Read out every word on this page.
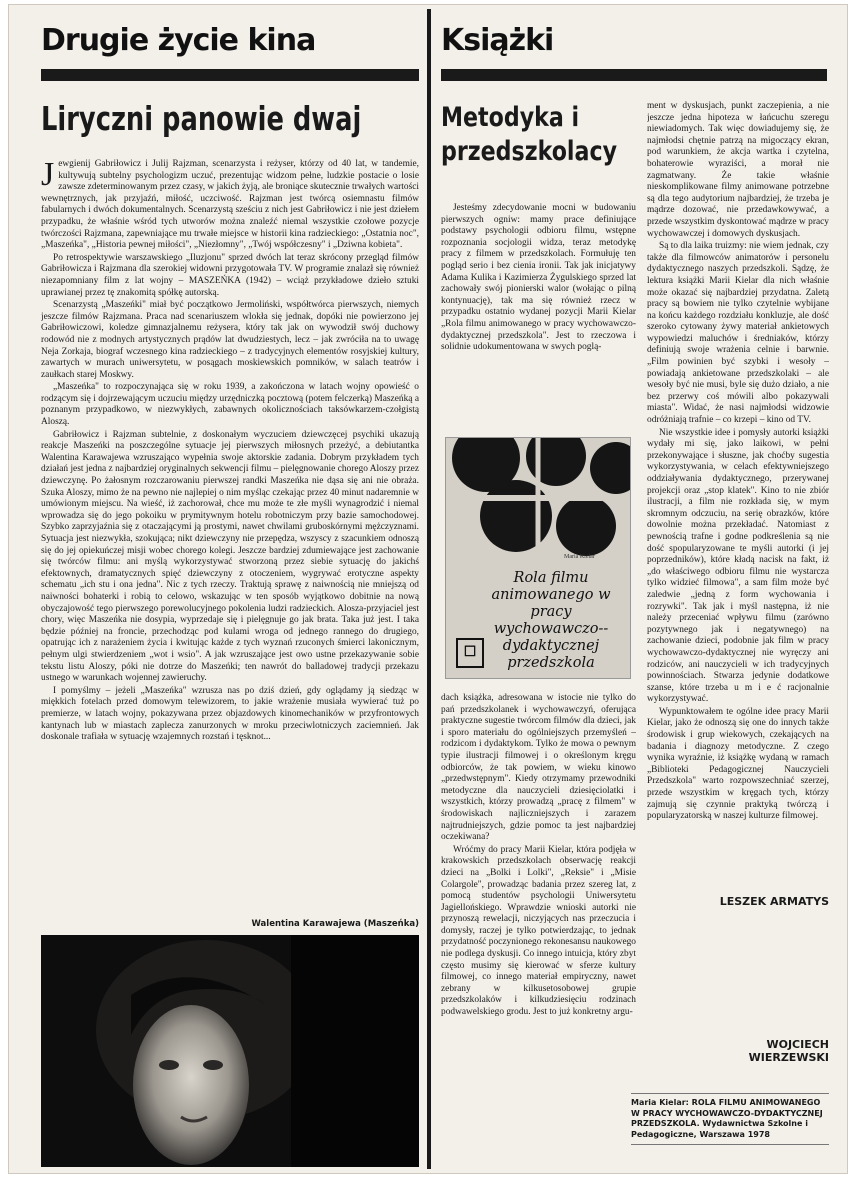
Drugie życie kina
Liryczni panowie dwaj

Jewgienij Gabriłowicz i Julij Rajzman, scenarzysta i reżyser, którzy od 40 lat, w tandemie, kultywują subtelny psychologizm uczuć, prezentując widzom pełne, ludzkie postacie o losie zawsze zdeterminowanym przez czasy, w jakich żyją, ale broniące skutecznie trwałych wartości wewnętrznych, jak przyjaźń, miłość, uczciwość. Rajzman jest twórcą osiemnastu filmów fabularnych i dwóch dokumentalnych. Scenarzystą sześciu z nich jest Gabriłowicz i nie jest dziełem przypadku, że właśnie wśród tych utworów można znaleźć niemal wszystkie czołowe pozycje twórczości Rajzmana, zapewniające mu trwałe miejsce w historii kina radzieckiego: „Ostatnia noc", „Maszeńka", „Historia pewnej miłości", „Niezłomny", „Twój współczesny" i „Dziwna kobieta".

Po retrospektywie warszawskiego „Iluzjonu" sprzed dwóch lat teraz skrócony przegląd filmów Gabriłowicza i Rajzmana dla szerokiej widowni przygotowała TV. W programie znalazł się również niezapomniany film z lat wojny – MASZEŃKA (1942) – wciąż przykładowe dzieło sztuki uprawianej przez tę znakomitą spółkę autorską.

Scenarzystą „Maszeńki" miał być początkowo Jermoliński, współtwórca pierwszych, niemych jeszcze filmów Rajzmana. Praca nad scenariuszem wlokła się jednak, dopóki nie powierzono jej Gabriłowiczowi, koledze gimnazjalnemu reżysera, który tak jak on wywodził swój duchowy rodowód nie z modnych artystycznych prądów lat dwudziestych, lecz – jak zwróciła na to uwagę Neja Zorkaja, biograf wczesnego kina radzieckiego – z tradycyjnych elementów rosyjskiej kultury, zawartych w murach uniwersytetu, w posągach moskiewskich pomników, w salach teatrów i zaułkach starej Moskwy.

„Maszeńka" to rozpoczynająca się w roku 1939, a zakończona w latach wojny opowieść o rodzącym się i dojrzewającym uczuciu między urzędniczką pocztową (potem felczerką) Maszeńką a poznanym przypadkowo, w niezwykłych, zabawnych okolicznościach taksówkarzem-czołgistą Aloszą.

Gabriłowicz i Rajzman subtelnie, z doskonałym wyczuciem dziewczęcej psychiki ukazują reakcje Maszeńki na poszczególne sytuacje jej pierwszych miłosnych przeżyć, a debiutantka Walentina Karawajewa wzruszająco wypełnia swoje aktorskie zadania. Dobrym przykładem tych działań jest jedna z najbardziej oryginalnych sekwencji filmu – pielęgnowanie chorego Aloszy przez dziewczynę. Po żałosnym rozczarowaniu pierwszej randki Maszeńka nie dąsa się ani nie obraża. Szuka Aloszy, mimo że na pewno nie najlepiej o nim myśląc czekając przez 40 minut nadaremnie w umówionym miejscu. Na wieść, iż zachorował, chce mu może te złe myśli wynagrodzić i niemal wprowadza się do jego pokoiku w prymitywnym hotelu robotniczym przy bazie samochodowej. Szybko zaprzyjaźnia się z otaczającymi ją prostymi, nawet chwilami gruboskórnymi mężczyznami. Sytuacja jest niezwykła, szokująca; nikt dziewczyny nie przepędza, wszyscy z szacunkiem odnoszą się do jej opiekuńczej misji wobec chorego kolegi. Jeszcze bardziej zdumiewające jest zachowanie się twórców filmu: ani myślą wykorzystywać stworzoną przez siebie sytuację do jakichś efektownych, dramatycznych spięć dziewczyny z otoczeniem, wygrywać erotyczne aspekty schematu „ich stu i ona jedna". Nic z tych rzeczy. Traktują sprawę z naiwnością nie mniejszą od naiwności bohaterki i robią to celowo, wskazując w ten sposób wyjątkowo dobitnie na nową obyczajowość tego pierwszego porewolucyjnego pokolenia ludzi radzieckich. Alosza-przyjaciel jest chory, więc Maszeńka nie dosypia, wyprzedaje się i pielęgnuje go jak brata. Taka już jest. I taka będzie później na froncie, przechodząc pod kulami wroga od jednego rannego do drugiego, opatrując ich z narażeniem życia i kwitując każde z tych wyznań rzuconych śmierci lakonicznym, pełnym ulgi stwierdzeniem „wot i wsio". A jak wzruszające jest owo ustne przekazywanie sobie tekstu listu Aloszy, póki nie dotrze do Maszeńki; ten nawrót do balladowej tradycji przekazu ustnego w warunkach wojennej zawieruchy.

I pomyślmy – jeżeli „Maszeńka" wzrusza nas po dziś dzień, gdy oglądamy ją siedząc w miękkich fotelach przed domowym telewizorem, to jakie wrażenie musiała wywierać tuż po premierze, w latach wojny, pokazywana przez objazdowych kinomechaników w przyfrontowych kantynach lub w miastach zaplecza zanurzonych w mroku przeciwlotniczych zaciemnień. Jak doskonale trafiała w sytuację wzajemnych rozstań i tęsknot...

LESZEK ARMATYS
Walentina Karawajewa (Maszeńka)
Książki
Metodyka i przedszkolacy

Jesteśmy zdecydowanie mocni w budowaniu pierwszych ogniw: mamy prace definiujące podstawy psychologii odbioru filmu, wstępne rozpoznania socjologii widza, teraz metodykę pracy z filmem w przedszkolach. Formułuję ten pogląd serio i bez cienia ironii. Tak jak inicjatywy Adama Kulika i Kazimierza Żygulskiego sprzed lat zachowały swój pionierski walor (wołając o pilną kontynuację), tak ma się również rzecz w przypadku ostatnio wydanej pozycji Marii Kielar „Rola filmu animowanego w pracy wychowawczo-dydaktycznej przedszkola". Jest to rzeczowa i solidnie udokumentowana w swych poglą-

Maria Kielar
Rola filmu animowanego w pracy wychowawczo--dydaktycznej przedszkola
☐

dach książka, adresowana w istocie nie tylko do pań przedszkolanek i wychowawczyń, oferująca praktyczne sugestie twórcom filmów dla dzieci, jak i sporo materiału do ogólniejszych przemyśleń – rodzicom i dydaktykom. Tylko że mowa o pewnym typie ilustracji filmowej i o określonym kręgu odbiorców, że tak powiem, w wieku kinowo „przedwstępnym". Kiedy otrzymamy przewodniki metodyczne dla nauczycieli dziesięciolatki i wszystkich, którzy prowadzą „pracę z filmem" w środowiskach najliczniejszych i zarazem najtrudniejszych, gdzie pomoc ta jest najbardziej oczekiwana?

Wróćmy do pracy Marii Kielar, która podjęła w krakowskich przedszkolach obserwację reakcji dzieci na „Bolki i Lolki", „Reksie" i „Misie Colargole", prowadząc badania przez szereg lat, z pomocą studentów psychologii Uniwersytetu Jagiellońskiego. Wprawdzie wnioski autorki nie przynoszą rewelacji, niczyjących nas przeczucia i domysły, raczej je tylko potwierdzając, to jednak przydatność poczynionego rekonesansu naukowego nie podlega dyskusji. Co innego intuicja, który zbyt często musimy się kierować w sferze kultury filmowej, co innego materiał empiryczny, nawet zebrany w kilkusetosobowej grupie przedszkolaków i kilkudziesięciu rodzinach podwawelskiego grodu. Jest to już konkretny argu-

ment w dyskusjach, punkt zaczepienia, a nie jeszcze jedna hipoteza w łańcuchu szeregu niewiadomych. Tak więc dowiadujemy się, że najmłodsi chętnie patrzą na migoczący ekran, pod warunkiem, że akcja wartka i czytelna, bohaterowie wyraziści, a morał nie zagmatwany. Że takie właśnie nieskomplikowane filmy animowane potrzebne są dla tego audytorium najbardziej, że trzeba je mądrze dozować, nie przedawkowywać, a przede wszystkim dyskontować mądrze w pracy wychowawczej i domowych dyskusjach.

Są to dla laika truizmy: nie wiem jednak, czy także dla filmowców animatorów i personelu dydaktycznego naszych przedszkoli. Sądzę, że lektura książki Marii Kielar dla nich właśnie może okazać się najbardziej przydatna. Zaletą pracy są bowiem nie tylko czytelnie wybijane na końcu każdego rozdziału konkluzje, ale dość szeroko cytowany żywy materiał ankietowych wypowiedzi maluchów i średniaków, którzy definiują swoje wrażenia celnie i barwnie. „Film powinien być szybki i wesoły – powiadają ankietowane przedszkolaki – ale wesoły być nie musi, byle się dużo działo, a nie bez przerwy coś mówili albo pokazywali miasta". Widać, że nasi najmłodsi widzowie odróżniają trafnie – co krzepi – kino od TV.

Nie wszystkie idee i pomysły autorki książki wydały mi się, jako laikowi, w pełni przekonywające i słuszne, jak choćby sugestia wykorzystywania, w celach efektywniejszego oddziaływania dydaktycznego, przerywanej projekcji oraz „stop klatek". Kino to nie zbiór ilustracji, a film nie rozkłada się, w mym skromnym odczuciu, na serię obrazków, które dowolnie można przekładać. Natomiast z pewnością trafne i godne podkreślenia są nie dość spopularyzowane te myśli autorki (i jej poprzedników), które kładą nacisk na fakt, iż „do właściwego odbioru filmu nie wystarcza tylko widzieć filmowa", a sam film może być zaledwie „jedną z form wychowania i rozrywki". Tak jak i myśl następna, iż nie należy przeceniać wpływu filmu (zarówno pozytywnego jak i negatywnego) na zachowanie dzieci, podobnie jak film w pracy wychowawczo-dydaktycznej nie wyręczy ani rodziców, ani nauczycieli w ich tradycyjnych powinnościach. Stwarza jedynie dodatkowe szanse, które trzeba u m i e ć racjonalnie wykorzystywać.

Wypunktowałem te ogólne idee pracy Marii Kielar, jako że odnoszą się one do innych także środowisk i grup wiekowych, czekających na badania i diagnozy metodyczne. Z czego wynika wyraźnie, iż książkę wydaną w ramach „Biblioteki Pedagogicznej Nauczycieli Przedszkola" warto rozpowszechniać szerzej, przede wszystkim w kręgach tych, którzy zajmują się czynnie praktyką twórczą i popularyzatorską w naszej kulturze filmowej.

WOJCIECH
WIERZEWSKI
Maria Kielar: ROLA FILMU ANIMOWANEGO W PRACY WYCHOWAWCZO-DYDAKTYCZNEJ PRZEDSZKOLA. Wydawnictwa Szkolne i Pedagogiczne, Warszawa 1978
